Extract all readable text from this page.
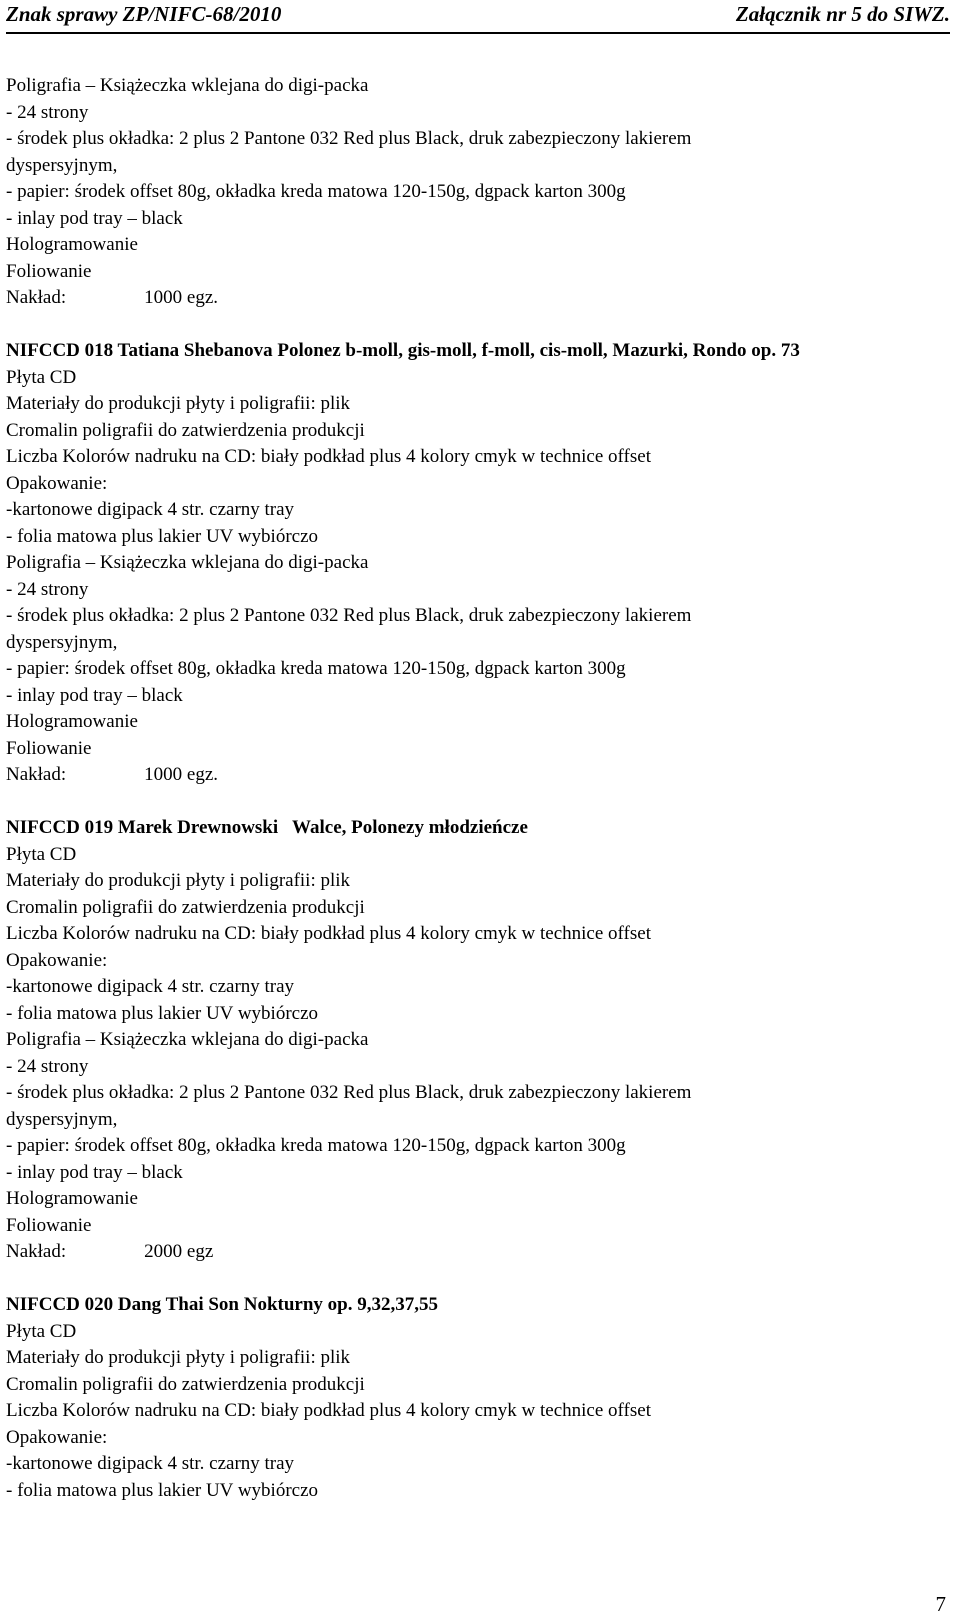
Znak sprawy ZP/NIFC-68/2010	Załącznik nr 5 do SIWZ.
Poligrafia – Książeczka wklejana do digi-packa
- 24 strony
- środek plus okładka: 2 plus 2 Pantone 032 Red plus Black, druk zabezpieczony lakierem
dyspersyjnym,
- papier: środek offset 80g, okładka kreda matowa 120-150g, dgpack karton 300g
- inlay pod tray – black
Hologramowanie
Foliowanie
Nakład:	1000 egz.
NIFCCD 018 Tatiana Shebanova Polonez b-moll, gis-moll, f-moll, cis-moll, Mazurki, Rondo op. 73
Płyta CD
Materiały do produkcji płyty i poligrafii: plik
Cromalin poligrafii do zatwierdzenia produkcji
Liczba Kolorów nadruku na CD: biały podkład plus 4 kolory cmyk w technice offset
Opakowanie:
-kartonowe digipack 4 str. czarny tray
- folia matowa plus lakier UV wybiórczo
Poligrafia – Książeczka wklejana do digi-packa
- 24 strony
- środek plus okładka: 2 plus 2 Pantone 032 Red plus Black, druk zabezpieczony lakierem
dyspersyjnym,
- papier: środek offset 80g, okładka kreda matowa 120-150g, dgpack karton 300g
- inlay pod tray – black
Hologramowanie
Foliowanie
Nakład:	1000 egz.
NIFCCD 019 Marek Drewnowski   Walce, Polonezy młodzieńcze
Płyta CD
Materiały do produkcji płyty i poligrafii: plik
Cromalin poligrafii do zatwierdzenia produkcji
Liczba Kolorów nadruku na CD: biały podkład plus 4 kolory cmyk w technice offset
Opakowanie:
-kartonowe digipack 4 str. czarny tray
- folia matowa plus lakier UV wybiórczo
Poligrafia – Książeczka wklejana do digi-packa
- 24 strony
- środek plus okładka: 2 plus 2 Pantone 032 Red plus Black, druk zabezpieczony lakierem
dyspersyjnym,
- papier: środek offset 80g, okładka kreda matowa 120-150g, dgpack karton 300g
- inlay pod tray – black
Hologramowanie
Foliowanie
Nakład:	2000 egz
NIFCCD 020 Dang Thai Son Nokturny op. 9,32,37,55
Płyta CD
Materiały do produkcji płyty i poligrafii: plik
Cromalin poligrafii do zatwierdzenia produkcji
Liczba Kolorów nadruku na CD: biały podkład plus 4 kolory cmyk w technice offset
Opakowanie:
-kartonowe digipack 4 str. czarny tray
- folia matowa plus lakier UV wybiórczo
7
